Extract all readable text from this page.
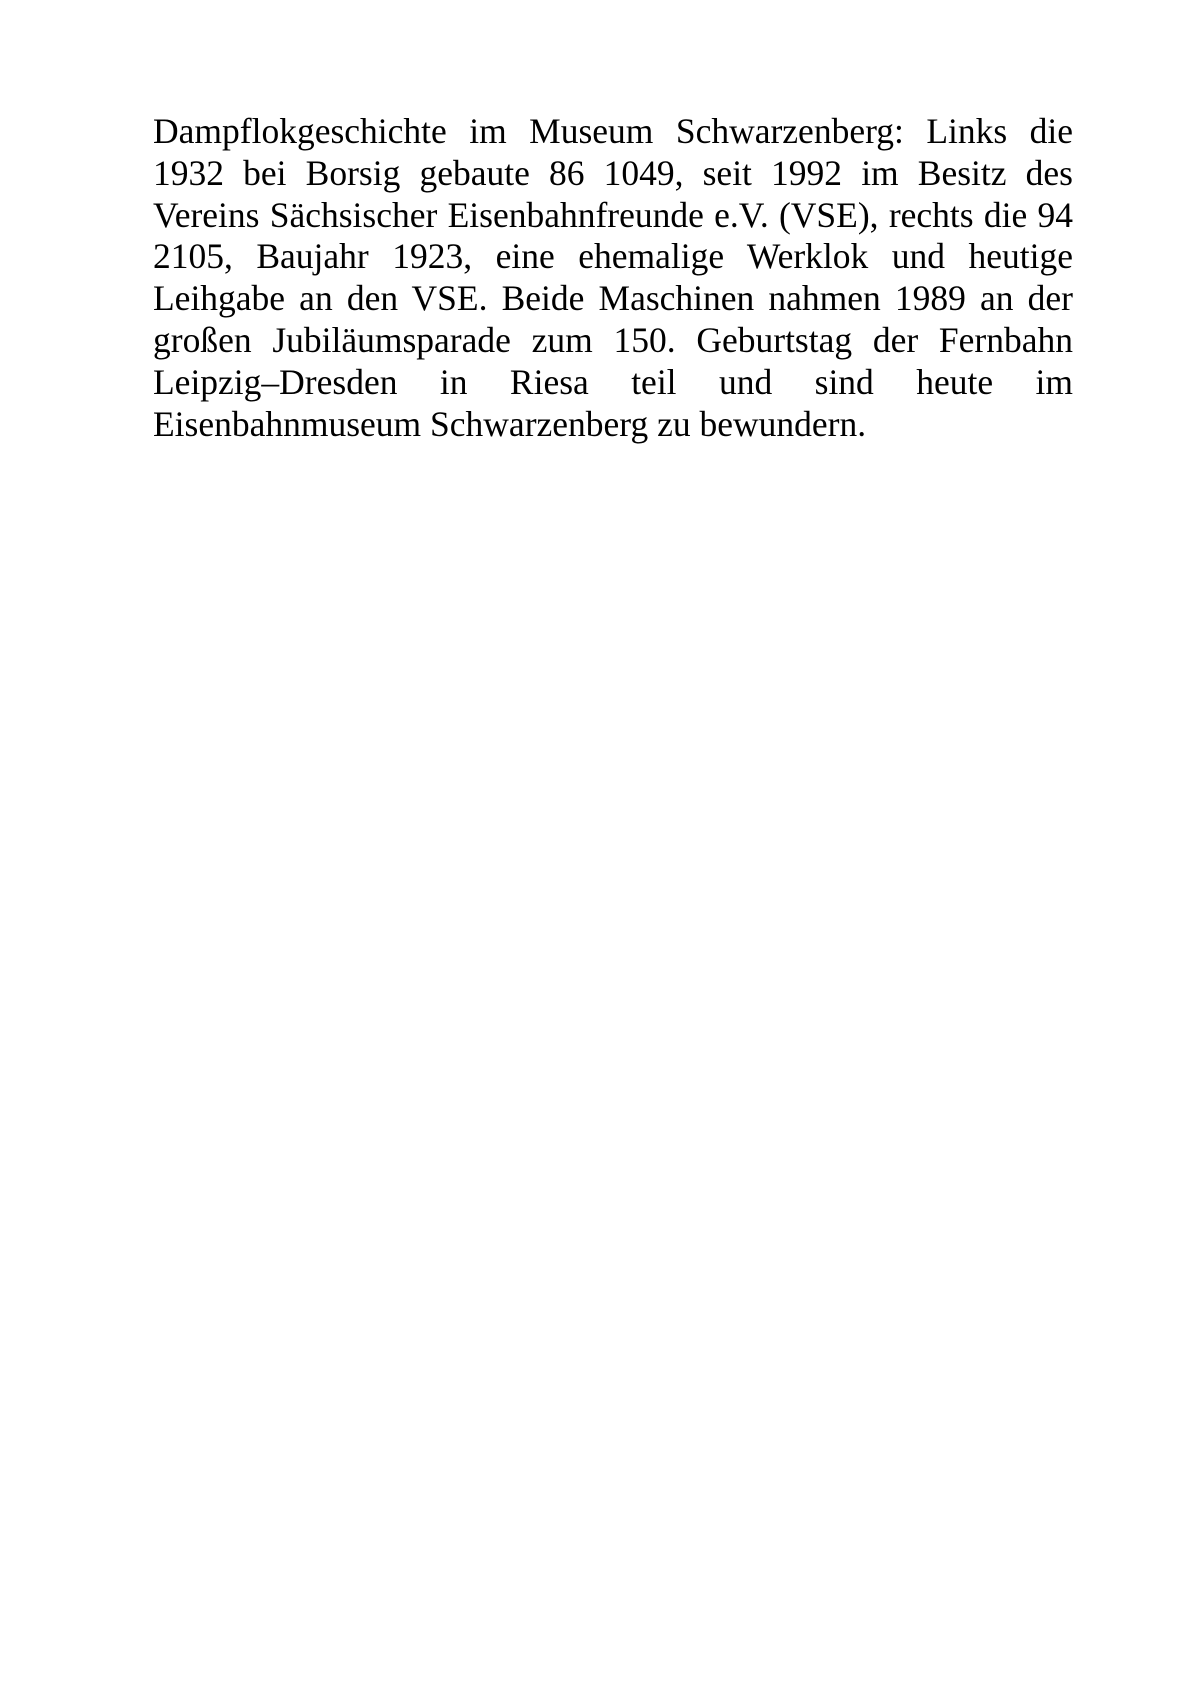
Dampflokgeschichte im Museum Schwarzenberg: Links die 1932 bei Borsig gebaute 86 1049, seit 1992 im Besitz des Vereins Sächsischer Eisenbahnfreunde e.V. (VSE), rechts die 94 2105, Baujahr 1923, eine ehemalige Werklok und heutige Leihgabe an den VSE. Beide Maschinen nahmen 1989 an der großen Jubiläumsparade zum 150. Geburtstag der Fernbahn Leipzig–Dresden in Riesa teil und sind heute im Eisenbahnmuseum Schwarzenberg zu bewundern.
